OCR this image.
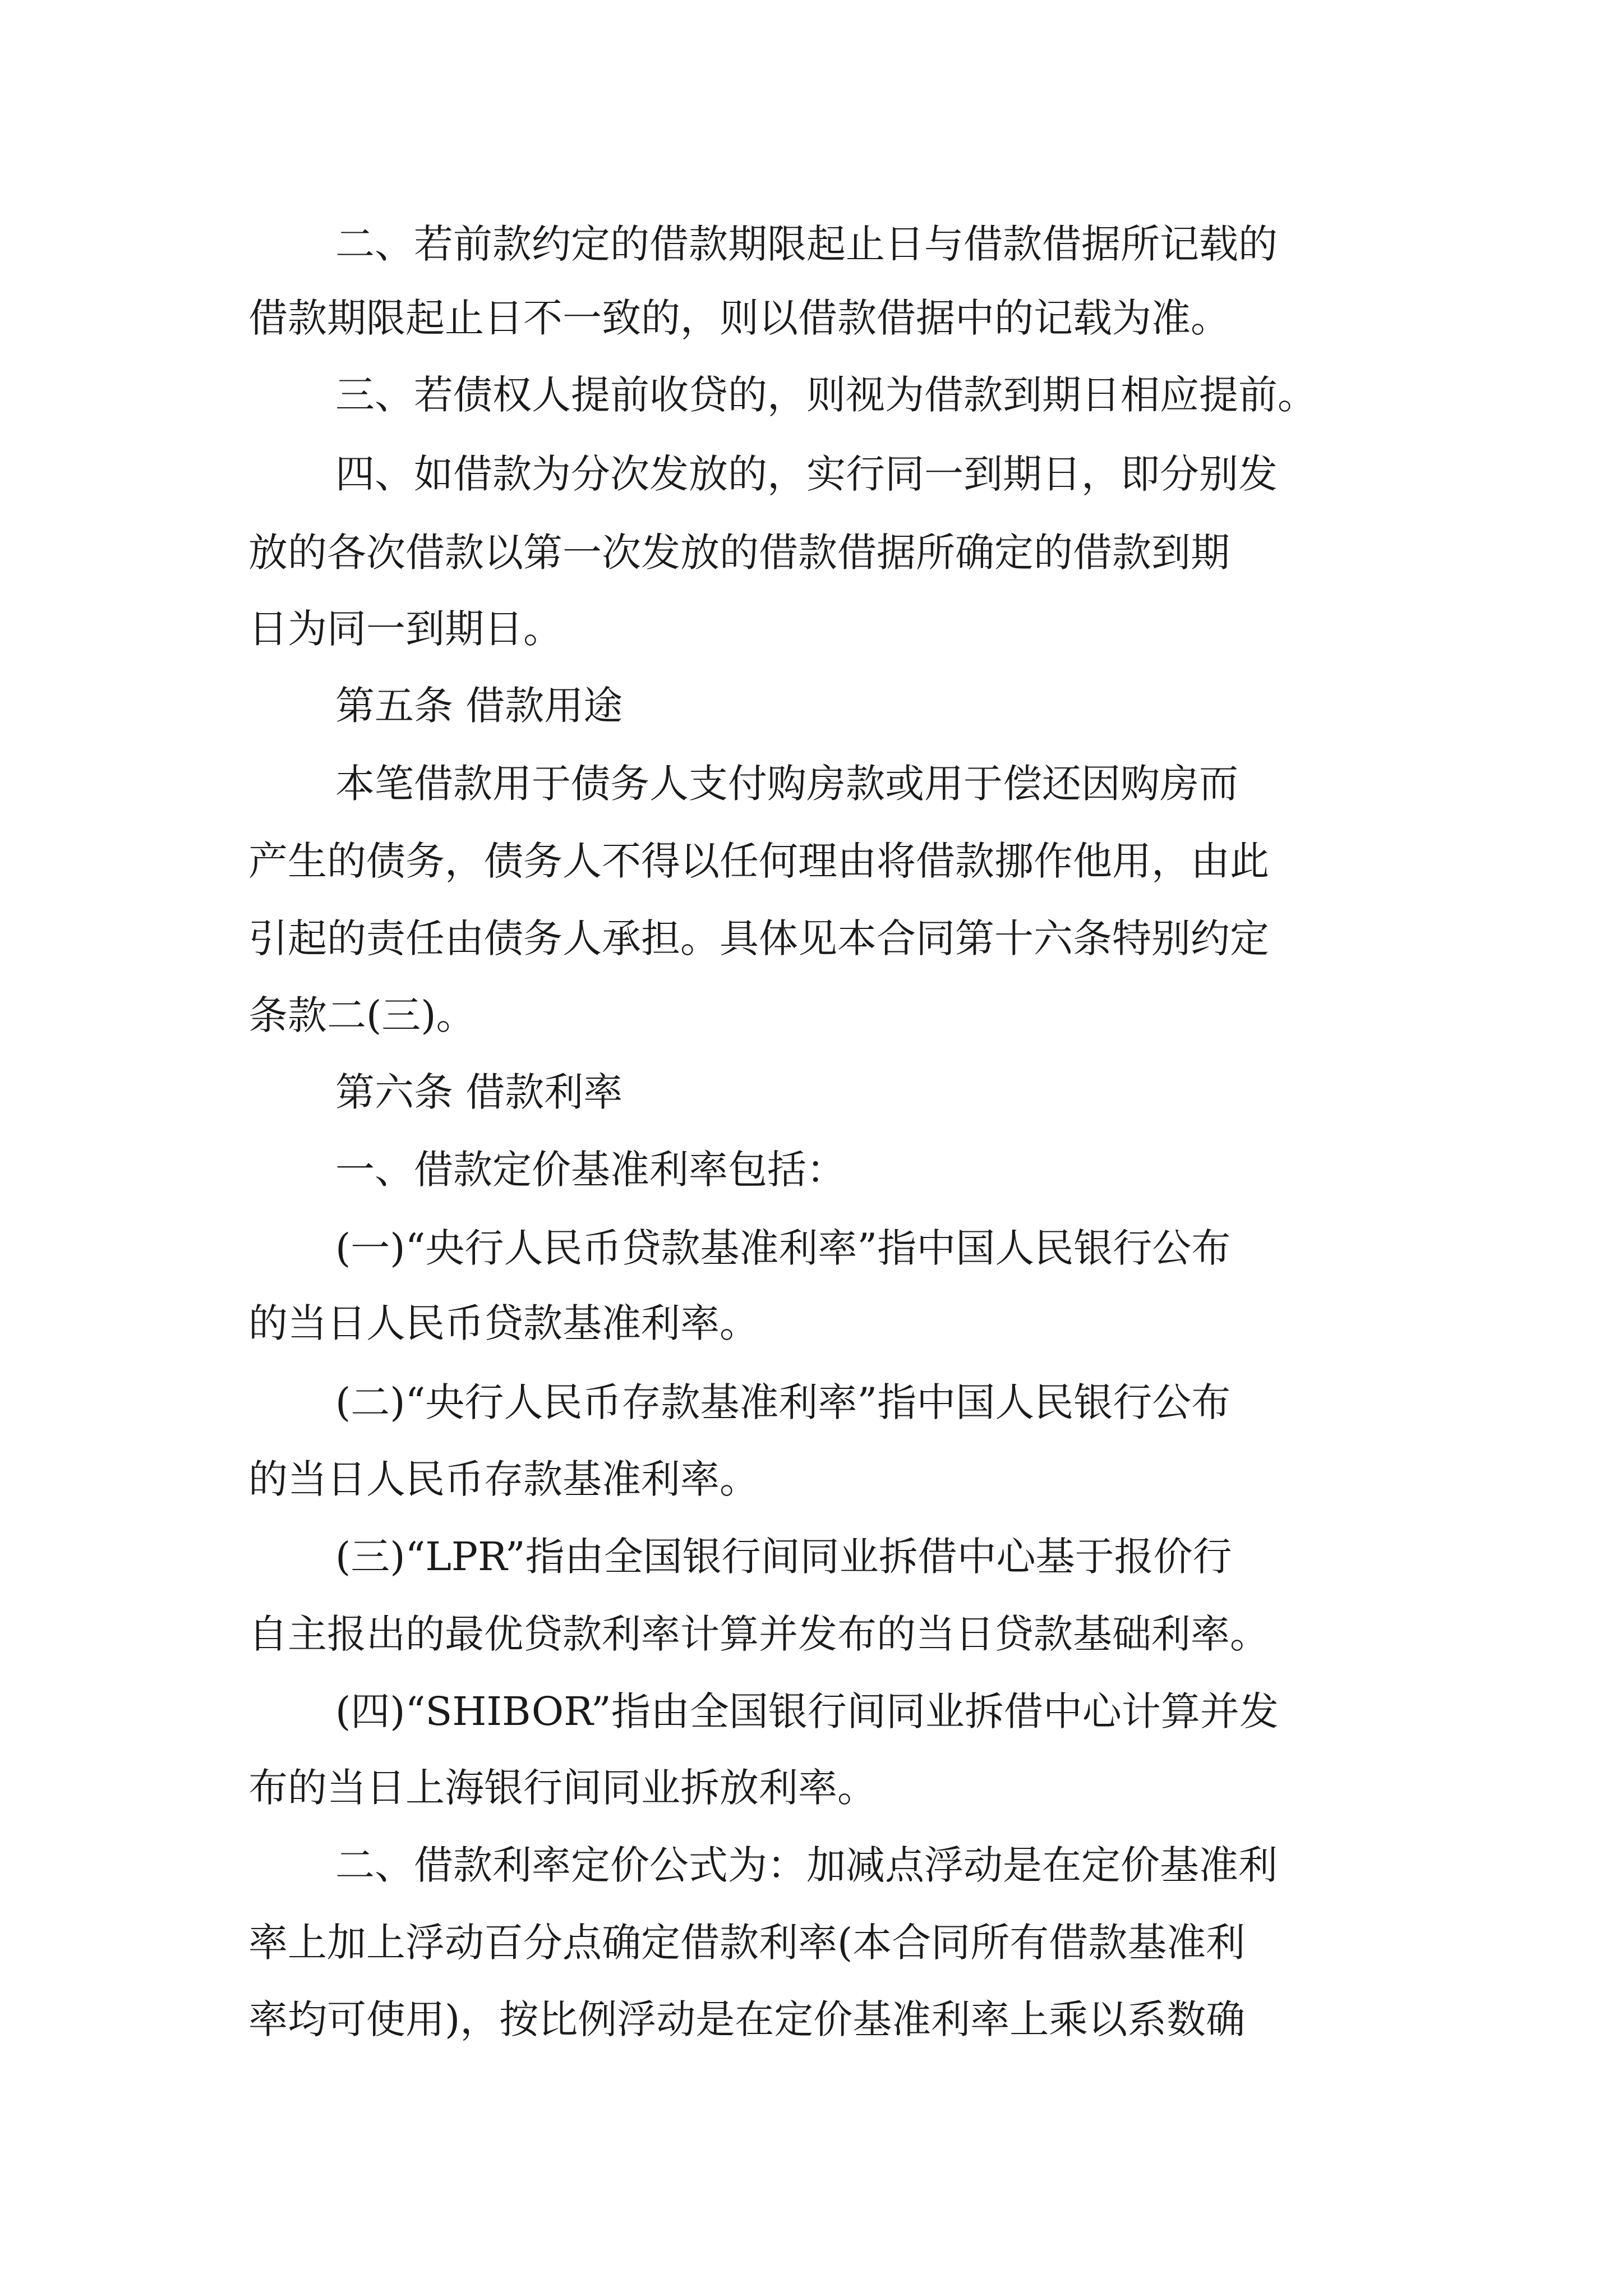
二、若前款约定的借款期限起止日与借款借据所记载的
借款期限起止日不一致的，则以借款借据中的记载为准。
三、若债权人提前收贷的，则视为借款到期日相应提前。
四、如借款为分次发放的，实行同一到期日，即分别发
放的各次借款以第一次发放的借款借据所确定的借款到期
日为同一到期日。
第五条 借款用途
本笔借款用于债务人支付购房款或用于偿还因购房而
产生的债务，债务人不得以任何理由将借款挪作他用，由此
引起的责任由债务人承担。具体见本合同第十六条特别约定
条款二(三)。
第六条 借款利率
一、借款定价基准利率包括：
(一)“央行人民币贷款基准利率”指中国人民银行公布
的当日人民币贷款基准利率。
(二)“央行人民币存款基准利率”指中国人民银行公布
的当日人民币存款基准利率。
(三)“LPR”指由全国银行间同业拆借中心基于报价行
自主报出的最优贷款利率计算并发布的当日贷款基础利率。
(四)“SHIBOR”指由全国银行间同业拆借中心计算并发
布的当日上海银行间同业拆放利率。
二、借款利率定价公式为：加减点浮动是在定价基准利
率上加上浮动百分点确定借款利率(本合同所有借款基准利
率均可使用)，按比例浮动是在定价基准利率上乘以系数确
